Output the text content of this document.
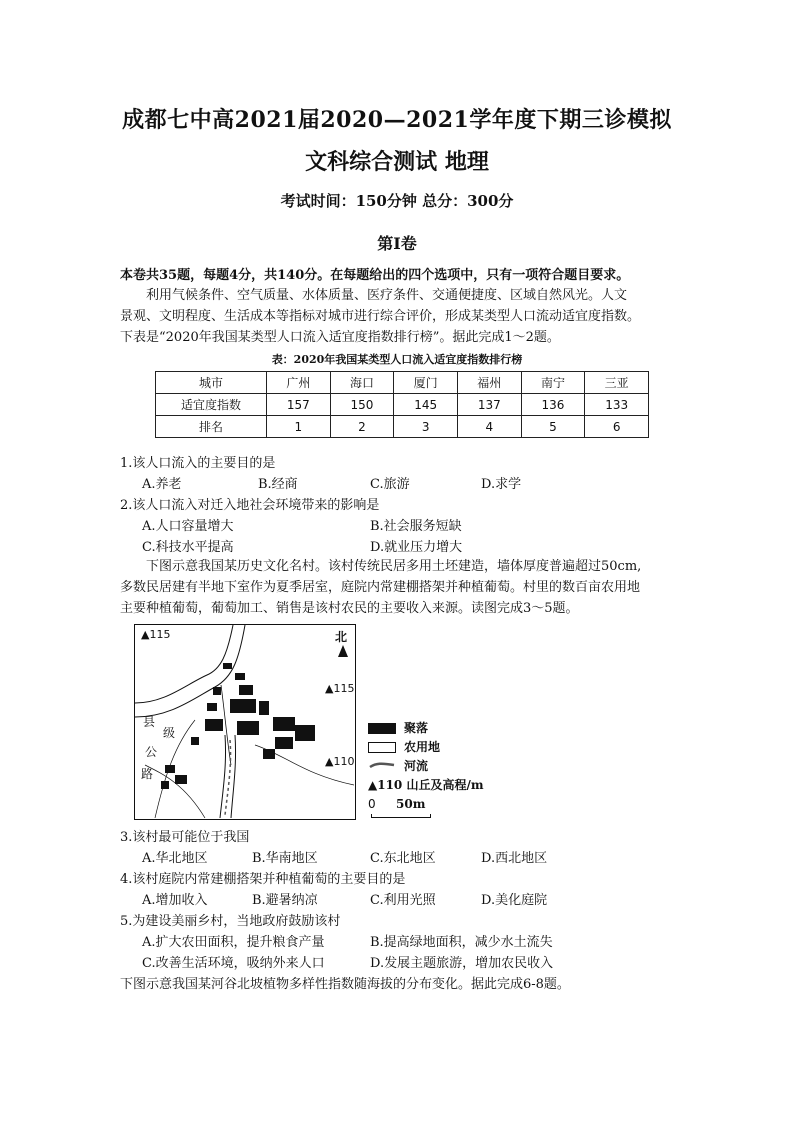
成都七中高2021届2020—2021学年度下期三诊模拟
文科综合测试 地理
考试时间：150分钟 总分：300分
第Ⅰ卷
本卷共35题，每题4分，共140分。在每题给出的四个选项中，只有一项符合题目要求。
利用气候条件、空气质量、水体质量、医疗条件、交通便捷度、区域自然风光。人文
景观、文明程度、生活成本等指标对城市进行综合评价，形成某类型人口流动适宜度指数。
下表是“2020年我国某类型人口流入适宜度指数排行榜”。据此完成1～2题。
表：2020年我国某类型人口流入适宜度指数排行榜
城市	广州	海口	厦门	福州	南宁	三亚
适宜度指数	157	150	145	137	136	133
排名	1	2	3	4	5	6
1.该人口流入的主要目的是
A.养老	B.经商	C.旅游	D.求学
2.该人口流入对迁入地社会环境带来的影响是
A.人口容量增大	B.社会服务短缺
C.科技水平提高	D.就业压力增大
下图示意我国某历史文化名村。该村传统民居多用土坯建造，墙体厚度普遍超过50cm,
多数民居建有半地下室作为夏季居室，庭院内常建棚搭架并种植葡萄。村里的数百亩农用地
主要种植葡萄，葡萄加工、销售是该村农民的主要收入来源。读图完成3～5题。
▲115
▲115
▲110
北
县
级
公
路
聚落
农用地
河流
▲110 山丘及高程/m
0 50m
3.该村最可能位于我国
A.华北地区	B.华南地区	C.东北地区	D.西北地区
4.该村庭院内常建棚搭架并种植葡萄的主要目的是
A.增加收入	B.避暑纳凉	C.利用光照	D.美化庭院
5.为建设美丽乡村，当地政府鼓励该村
A.扩大农田面积，提升粮食产量	B.提高绿地面积，减少水土流失
C.改善生活环境，吸纳外来人口	D.发展主题旅游，增加农民收入
下图示意我国某河谷北坡植物多样性指数随海拔的分布变化。据此完成6-8题。
